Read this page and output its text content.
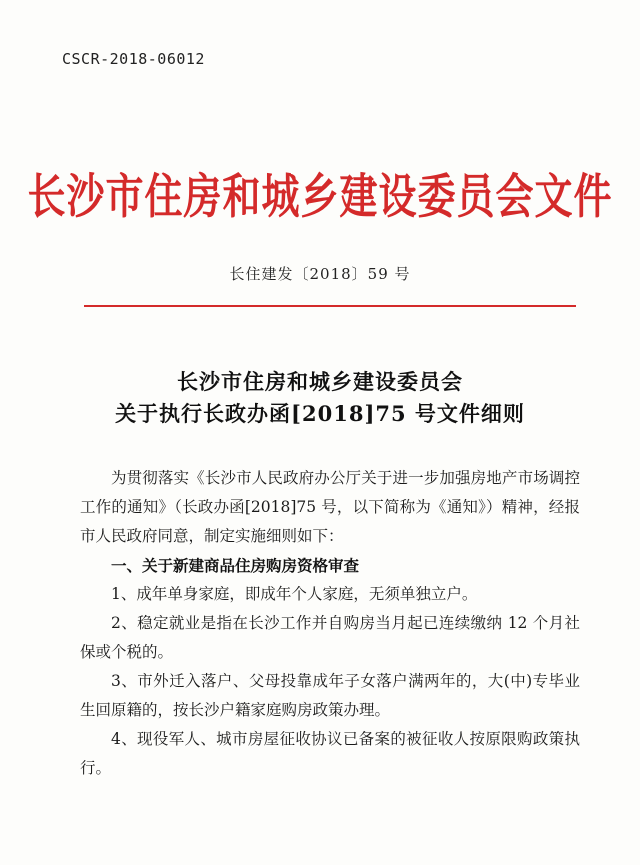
CSCR-2018-06012
长沙市住房和城乡建设委员会文件
长住建发〔2018〕59 号
长沙市住房和城乡建设委员会
关于执行长政办函[2018]75 号文件细则

为贯彻落实《长沙市人民政府办公厅关于进一步加强房地产市场调控工作的通知》（长政办函[2018]75 号，以下简称为《通知》）精神，经报市人民政府同意，制定实施细则如下：

一、关于新建商品住房购房资格审查

1、成年单身家庭，即成年个人家庭，无须单独立户。

2、稳定就业是指在长沙工作并自购房当月起已连续缴纳 12 个月社保或个税的。

3、市外迁入落户、父母投靠成年子女落户满两年的，大(中)专毕业生回原籍的，按长沙户籍家庭购房政策办理。

4、现役军人、城市房屋征收协议已备案的被征收人按原限购政策执行。
